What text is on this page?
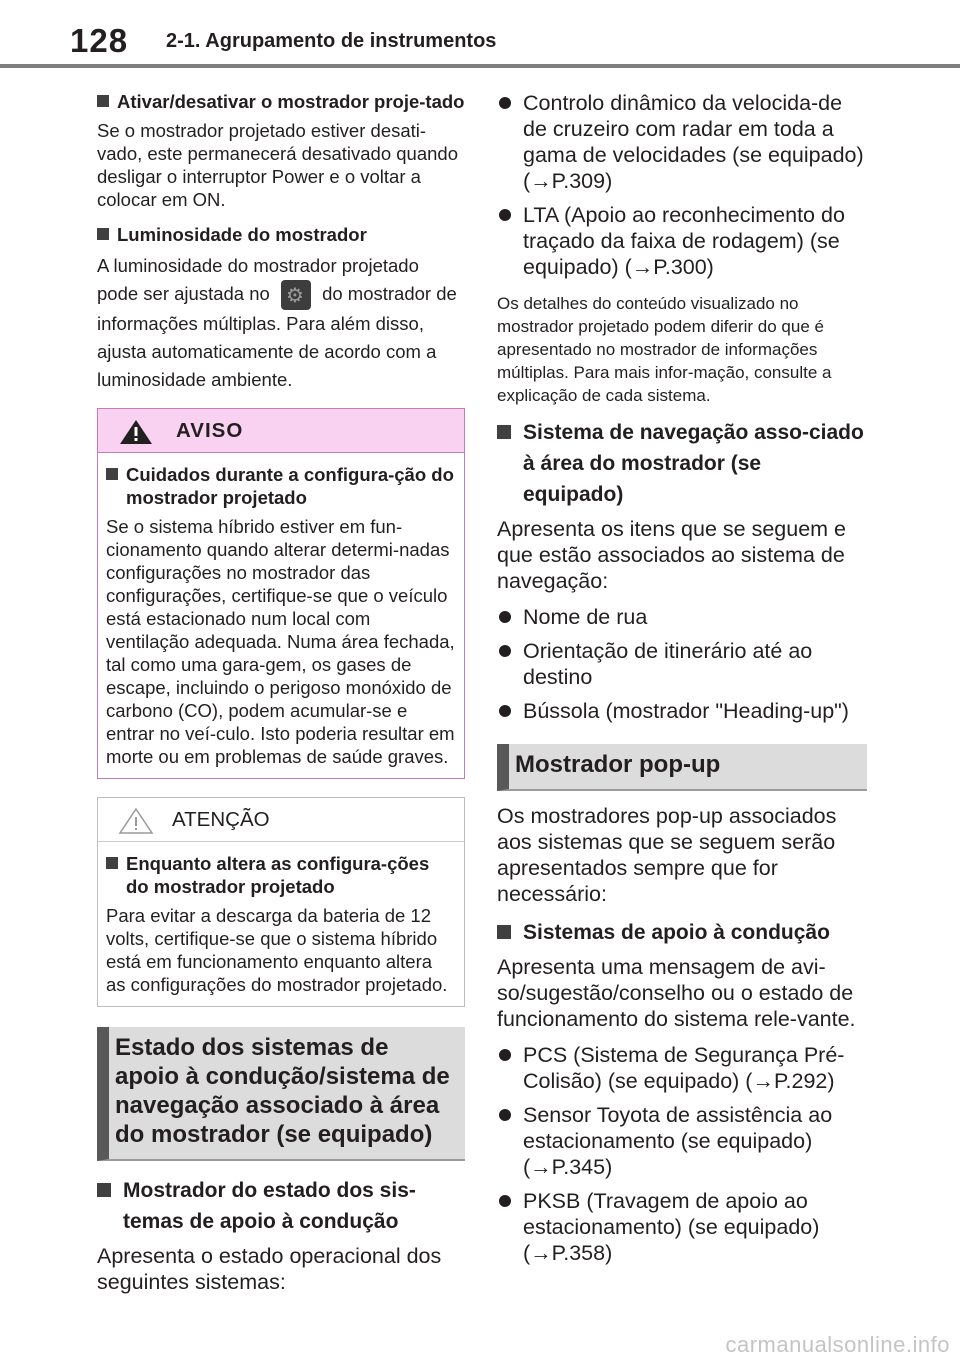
128 2-1. Agrupamento de instrumentos
Ativar/desativar o mostrador proje-tado

Se o mostrador projetado estiver desati-vado, este permanecerá desativado quando desligar o interruptor Power e o voltar a colocar em ON.

Luminosidade do mostrador

A luminosidade do mostrador projetado pode ser ajustada no ⚙	do mostrador de informações múltiplas. Para além disso, ajusta automaticamente de acordo com a luminosidade ambiente.

AVISO
Cuidados durante a configura-ção do mostrador projetado

Se o sistema híbrido estiver em fun-cionamento quando alterar determi-nadas configurações no mostrador das configurações, certifique-se que o veículo está estacionado num local com ventilação adequada. Numa área fechada, tal como uma gara-gem, os gases de escape, incluindo o perigoso monóxido de carbono (CO), podem acumular-se e entrar no veí-culo. Isto poderia resultar em morte ou em problemas de saúde graves.

ATENÇÃO
Enquanto altera as configura-ções do mostrador projetado

Para evitar a descarga da bateria de 12 volts, certifique-se que o sistema híbrido está em funcionamento enquanto altera as configurações do mostrador projetado.

Estado dos sistemas de apoio à condução/sistema de navegação associado à área do mostrador (se equipado)
Mostrador do estado dos sis-temas de apoio à condução

Apresenta o estado operacional dos seguintes sistemas:

Controlo dinâmico da velocida-de de cruzeiro com radar em toda a gama de velocidades (se equipado) (→P.309)
LTA (Apoio ao reconhecimento do traçado da faixa de rodagem) (se equipado) (→P.300)

Os detalhes do conteúdo visualizado no mostrador projetado podem diferir do que é apresentado no mostrador de informações múltiplas. Para mais infor-mação, consulte a explicação de cada sistema.

Sistema de navegação asso-ciado à área do mostrador (se equipado)

Apresenta os itens que se seguem e que estão associados ao sistema de navegação:

Nome de rua
Orientação de itinerário até ao destino
Bússola (mostrador "Heading-up")
Mostrador pop-up

Os mostradores pop-up associados aos sistemas que se seguem serão apresentados sempre que for necessário:

Sistemas de apoio à condução

Apresenta uma mensagem de avi-so/sugestão/conselho ou o estado de funcionamento do sistema rele-vante.

PCS (Sistema de Segurança Pré-Colisão) (se equipado) (→P.292)
Sensor Toyota de assistência ao estacionamento (se equipado) (→P.345)
PKSB (Travagem de apoio ao estacionamento) (se equipado) (→P.358)
carmanualsonline.info
